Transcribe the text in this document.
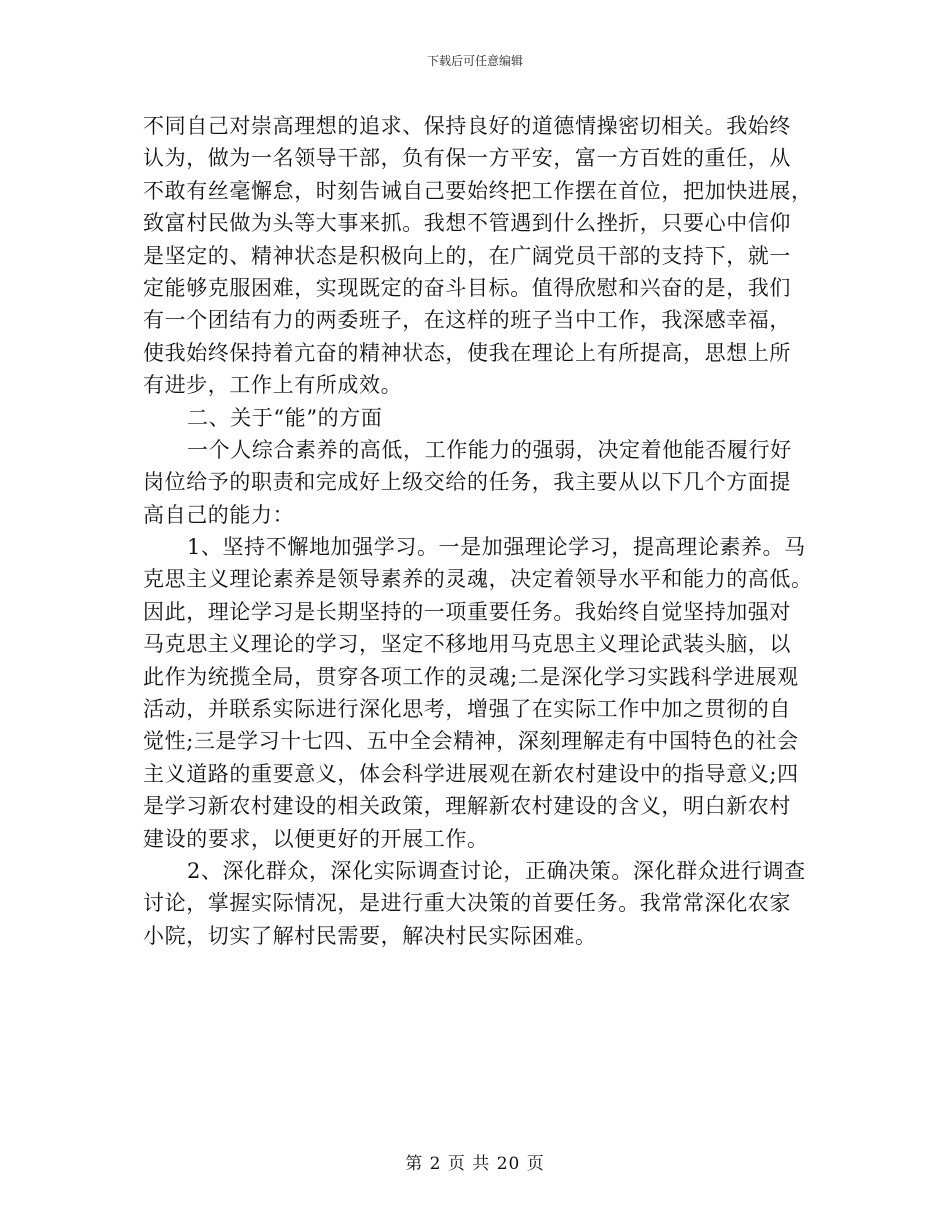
下载后可任意编辑
不同自己对崇高理想的追求、保持良好的道德情操密切相关。我始终
认为，做为一名领导干部，负有保一方平安，富一方百姓的重任，从
不敢有丝毫懈怠，时刻告诫自己要始终把工作摆在首位，把加快进展，
致富村民做为头等大事来抓。我想不管遇到什么挫折，只要心中信仰
是坚定的、精神状态是积极向上的，在广阔党员干部的支持下，就一
定能够克服困难，实现既定的奋斗目标。值得欣慰和兴奋的是，我们
有一个团结有力的两委班子，在这样的班子当中工作，我深感幸福，
使我始终保持着亢奋的精神状态，使我在理论上有所提高，思想上所
有进步，工作上有所成效。
二、关于“能”的方面
一个人综合素养的高低，工作能力的强弱，决定着他能否履行好
岗位给予的职责和完成好上级交给的任务，我主要从以下几个方面提
高自己的能力：
1、坚持不懈地加强学习。一是加强理论学习，提高理论素养。马
克思主义理论素养是领导素养的灵魂，决定着领导水平和能力的高低。
因此，理论学习是长期坚持的一项重要任务。我始终自觉坚持加强对
马克思主义理论的学习，坚定不移地用马克思主义理论武装头脑，以
此作为统揽全局，贯穿各项工作的灵魂;二是深化学习实践科学进展观
活动，并联系实际进行深化思考，增强了在实际工作中加之贯彻的自
觉性;三是学习十七四、五中全会精神，深刻理解走有中国特色的社会
主义道路的重要意义，体会科学进展观在新农村建设中的指导意义;四
是学习新农村建设的相关政策，理解新农村建设的含义，明白新农村
建设的要求，以便更好的开展工作。
2、深化群众，深化实际调查讨论，正确决策。深化群众进行调查
讨论，掌握实际情况，是进行重大决策的首要任务。我常常深化农家
小院，切实了解村民需要，解决村民实际困难。
第 2 页 共 20 页
